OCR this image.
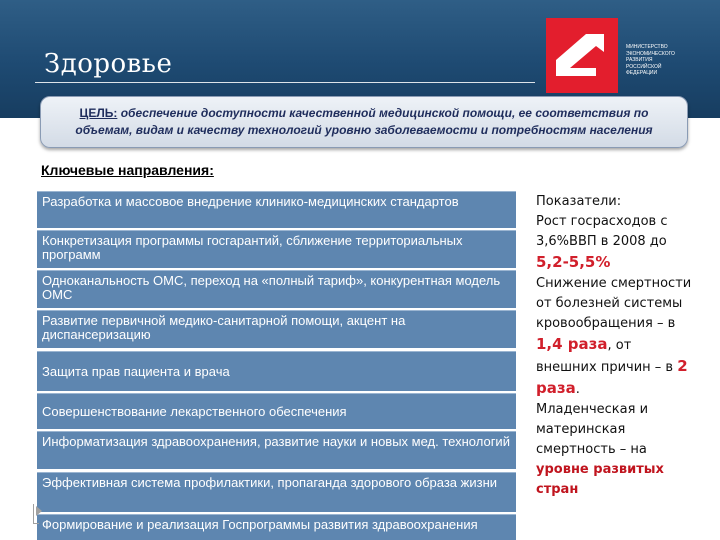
Здоровье
МИНИСТЕРСТВО
ЭКОНОМИЧЕСКОГО
РАЗВИТИЯ
РОССИЙСКОЙ
ФЕДЕРАЦИИ
ЦЕЛЬ: обеспечение доступности качественной медицинской помощи, ее соответствия по
объемам, видам и качеству технологий уровню заболеваемости и потребностям населения
Ключевые направления:
Разработка и массовое внедрение клинико-медицинских стандартов
Конкретизация программы госгарантий, сближение территориальных программ
Одноканальность ОМС, переход на «полный тариф», конкурентная модель ОМС
Развитие первичной медико-санитарной помощи, акцент на диспансеризацию
Защита прав пациента и врача
Совершенствование лекарственного обеспечения
Информатизация здравоохранения, развитие науки и новых мед. технологий
Эффективная система профилактики, пропаганда здорового образа жизни
Формирование и реализация Госпрограммы развития здравоохранения
Показатели:
Рост госрасходов с 3,6%ВВП в 2008 до
5,2-5,5%
Снижение смертности от болезней системы кровообращения – в
1,4 раза, от внешних причин – в 2 раза.
Младенческая и материнская смертность – на
уровне развитых стран
